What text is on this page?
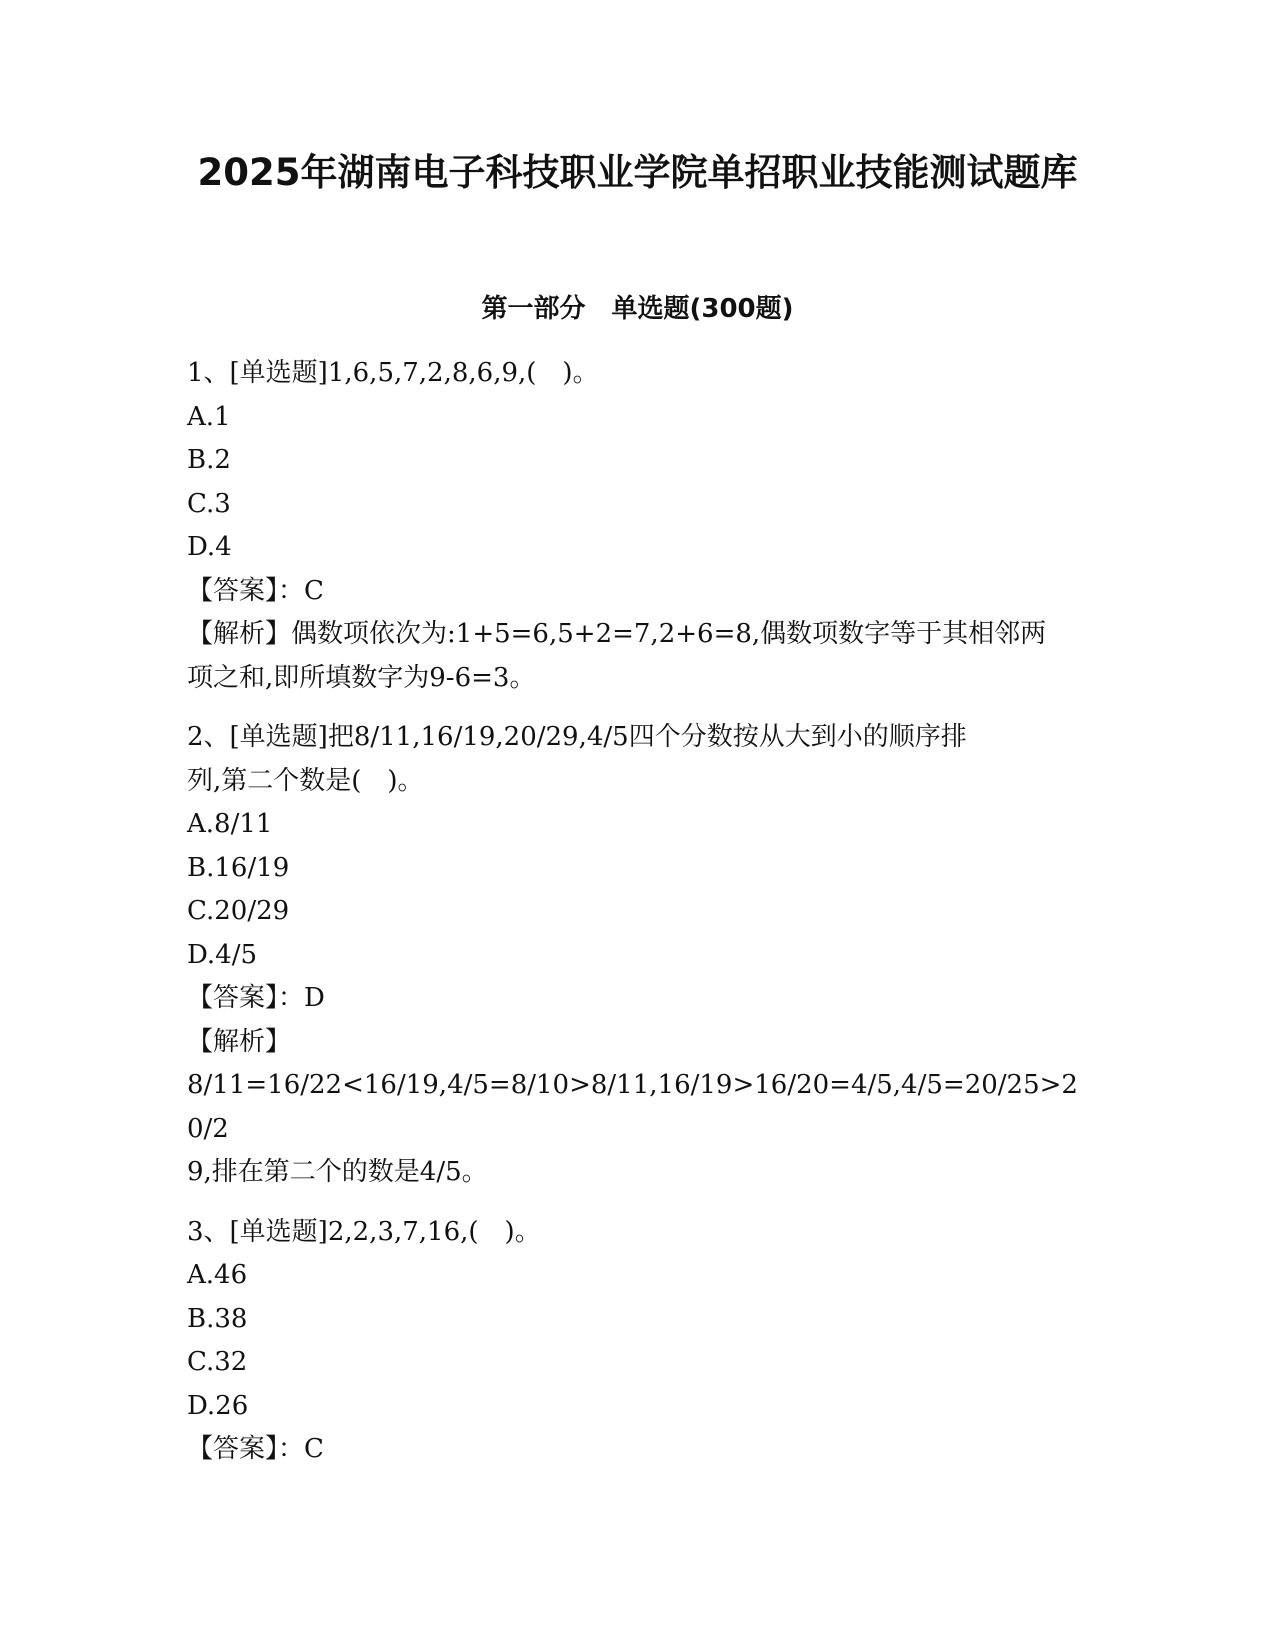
2025年湖南电子科技职业学院单招职业技能测试题库
第一部分　单选题(300题)

1、[单选题]1,6,5,7,2,8,6,9,(　)。

A.1

B.2

C.3

D.4

【答案】：C

【解析】偶数项依次为:1+5=6,5+2=7,2+6=8,偶数项数字等于其相邻两

项之和,即所填数字为9-6=3。

2、[单选题]把8/11,16/19,20/29,4/5四个分数按从大到小的顺序排

列,第二个数是(　)。

A.8/11

B.16/19

C.20/29

D.4/5

【答案】：D

【解析】

8/11=16/22<16/19,4/5=8/10>8/11,16/19>16/20=4/5,4/5=20/25>20/2

9,排在第二个的数是4/5。

3、[单选题]2,2,3,7,16,(　)。

A.46

B.38

C.32

D.26

【答案】：C
